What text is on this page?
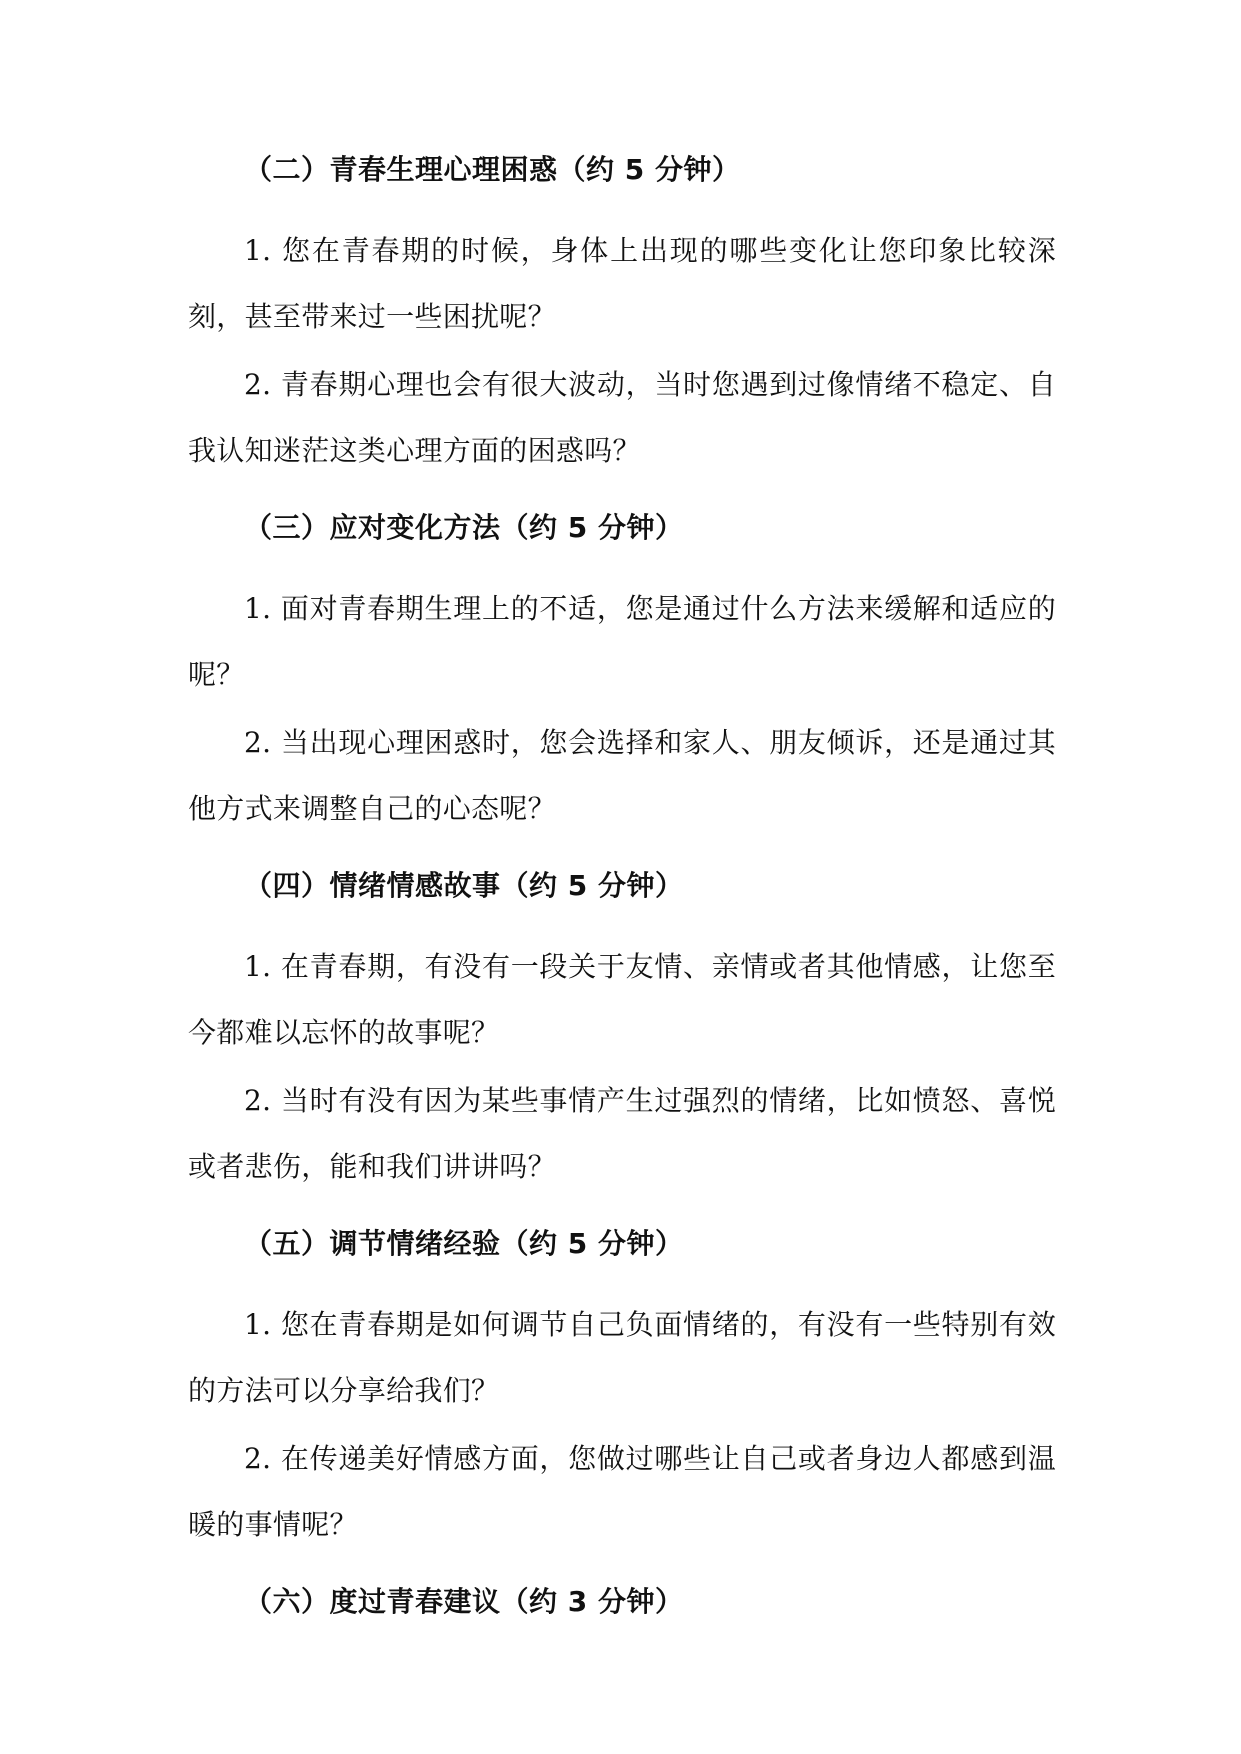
（二）青春生理心理困惑（约 5 分钟）
1. 您在青春期的时候，身体上出现的哪些变化让您印象比较深刻，甚至带来过一些困扰呢？
2. 青春期心理也会有很大波动，当时您遇到过像情绪不稳定、自我认知迷茫这类心理方面的困惑吗？
（三）应对变化方法（约 5 分钟）
1. 面对青春期生理上的不适，您是通过什么方法来缓解和适应的呢？
2. 当出现心理困惑时，您会选择和家人、朋友倾诉，还是通过其他方式来调整自己的心态呢？
（四）情绪情感故事（约 5 分钟）
1. 在青春期，有没有一段关于友情、亲情或者其他情感，让您至今都难以忘怀的故事呢？
2. 当时有没有因为某些事情产生过强烈的情绪，比如愤怒、喜悦或者悲伤，能和我们讲讲吗？
（五）调节情绪经验（约 5 分钟）
1. 您在青春期是如何调节自己负面情绪的，有没有一些特别有效的方法可以分享给我们？
2. 在传递美好情感方面，您做过哪些让自己或者身边人都感到温暖的事情呢？
（六）度过青春建议（约 3 分钟）
